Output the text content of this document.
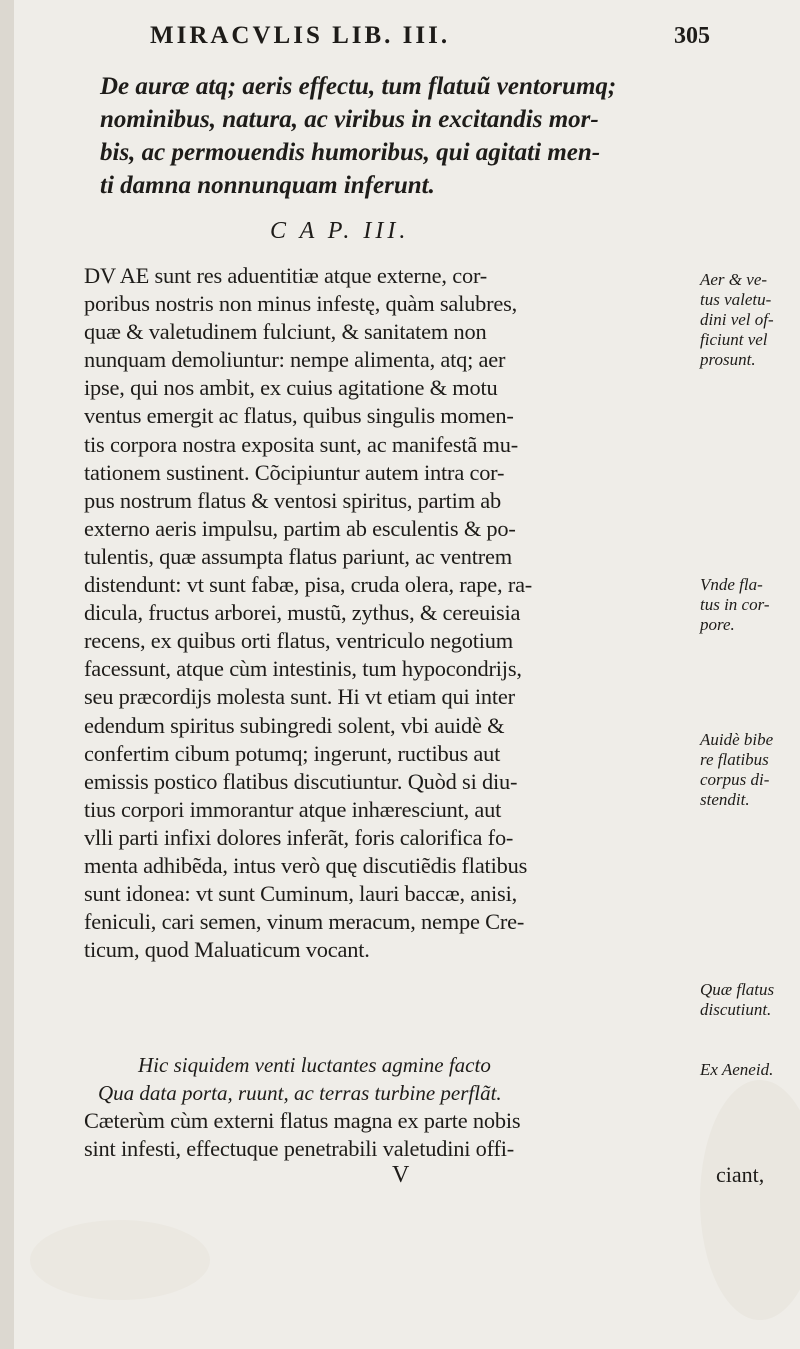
MIRACVLIS LIB. III.	305
De auræ atq; aeris effectu, tum flatuũ ventorumq;
nominibus, natura, ac viribus in excitandis mor-
bis, ac permouendis humoribus, qui agitati men-
ti damna nonnunquam inferunt.
C A P. III.
DV AE sunt res aduentitiæ atque externe, cor-
poribus nostris non minus infestę, quàm salubres,
quæ & valetudinem fulciunt, & sanitatem non
nunquam demoliuntur: nempe alimenta, atq; aer
ipse, qui nos ambit, ex cuius agitatione & motu
ventus emergit ac flatus, quibus singulis momen-
tis corpora nostra exposita sunt, ac manifestã mu-
tationem sustinent. Cõcipiuntur autem intra cor-
pus nostrum flatus & ventosi spiritus, partim ab
externo aeris impulsu, partim ab esculentis & po-
tulentis, quæ assumpta flatus pariunt, ac ventrem
distendunt: vt sunt fabæ, pisa, cruda olera, rape, ra-
dicula, fructus arborei, mustũ, zythus, & cereuisia
recens, ex quibus orti flatus, ventriculo negotium
facessunt, atque cùm intestinis, tum hypocondrijs,
seu præcordijs molesta sunt. Hi vt etiam qui inter
edendum spiritus subingredi solent, vbi auidè &
confertim cibum potumq; ingerunt, ructibus aut
emissis postico flatibus discutiuntur. Quòd si diu-
tius corpori immorantur atque inhæresciunt, aut
vlli parti infixi dolores inferãt, foris calorifica fo-
menta adhibẽda, intus verò quę discutiẽdis flatibus
sunt idonea: vt sunt Cuminum, lauri baccæ, anisi,
feniculi, cari semen, vinum meracum, nempe Cre-
ticum, quod Maluaticum vocant.
Hic siquidem venti luctantes agmine facto
Qua data porta, ruunt, ac terras turbine perflãt.
Cæterùm cùm externi flatus magna ex parte nobis
sint infesti, effectuque penetrabili valetudini offi-
Aer & ve-
tus valetu-
dini vel of-
ficiunt vel
prosunt.
Vnde fla-
tus in cor-
pore.
Auidè bibe
re flatibus
corpus di-
stendit.
Quæ flatus
discutiunt.
Ex Aeneid.
V	ciant,
